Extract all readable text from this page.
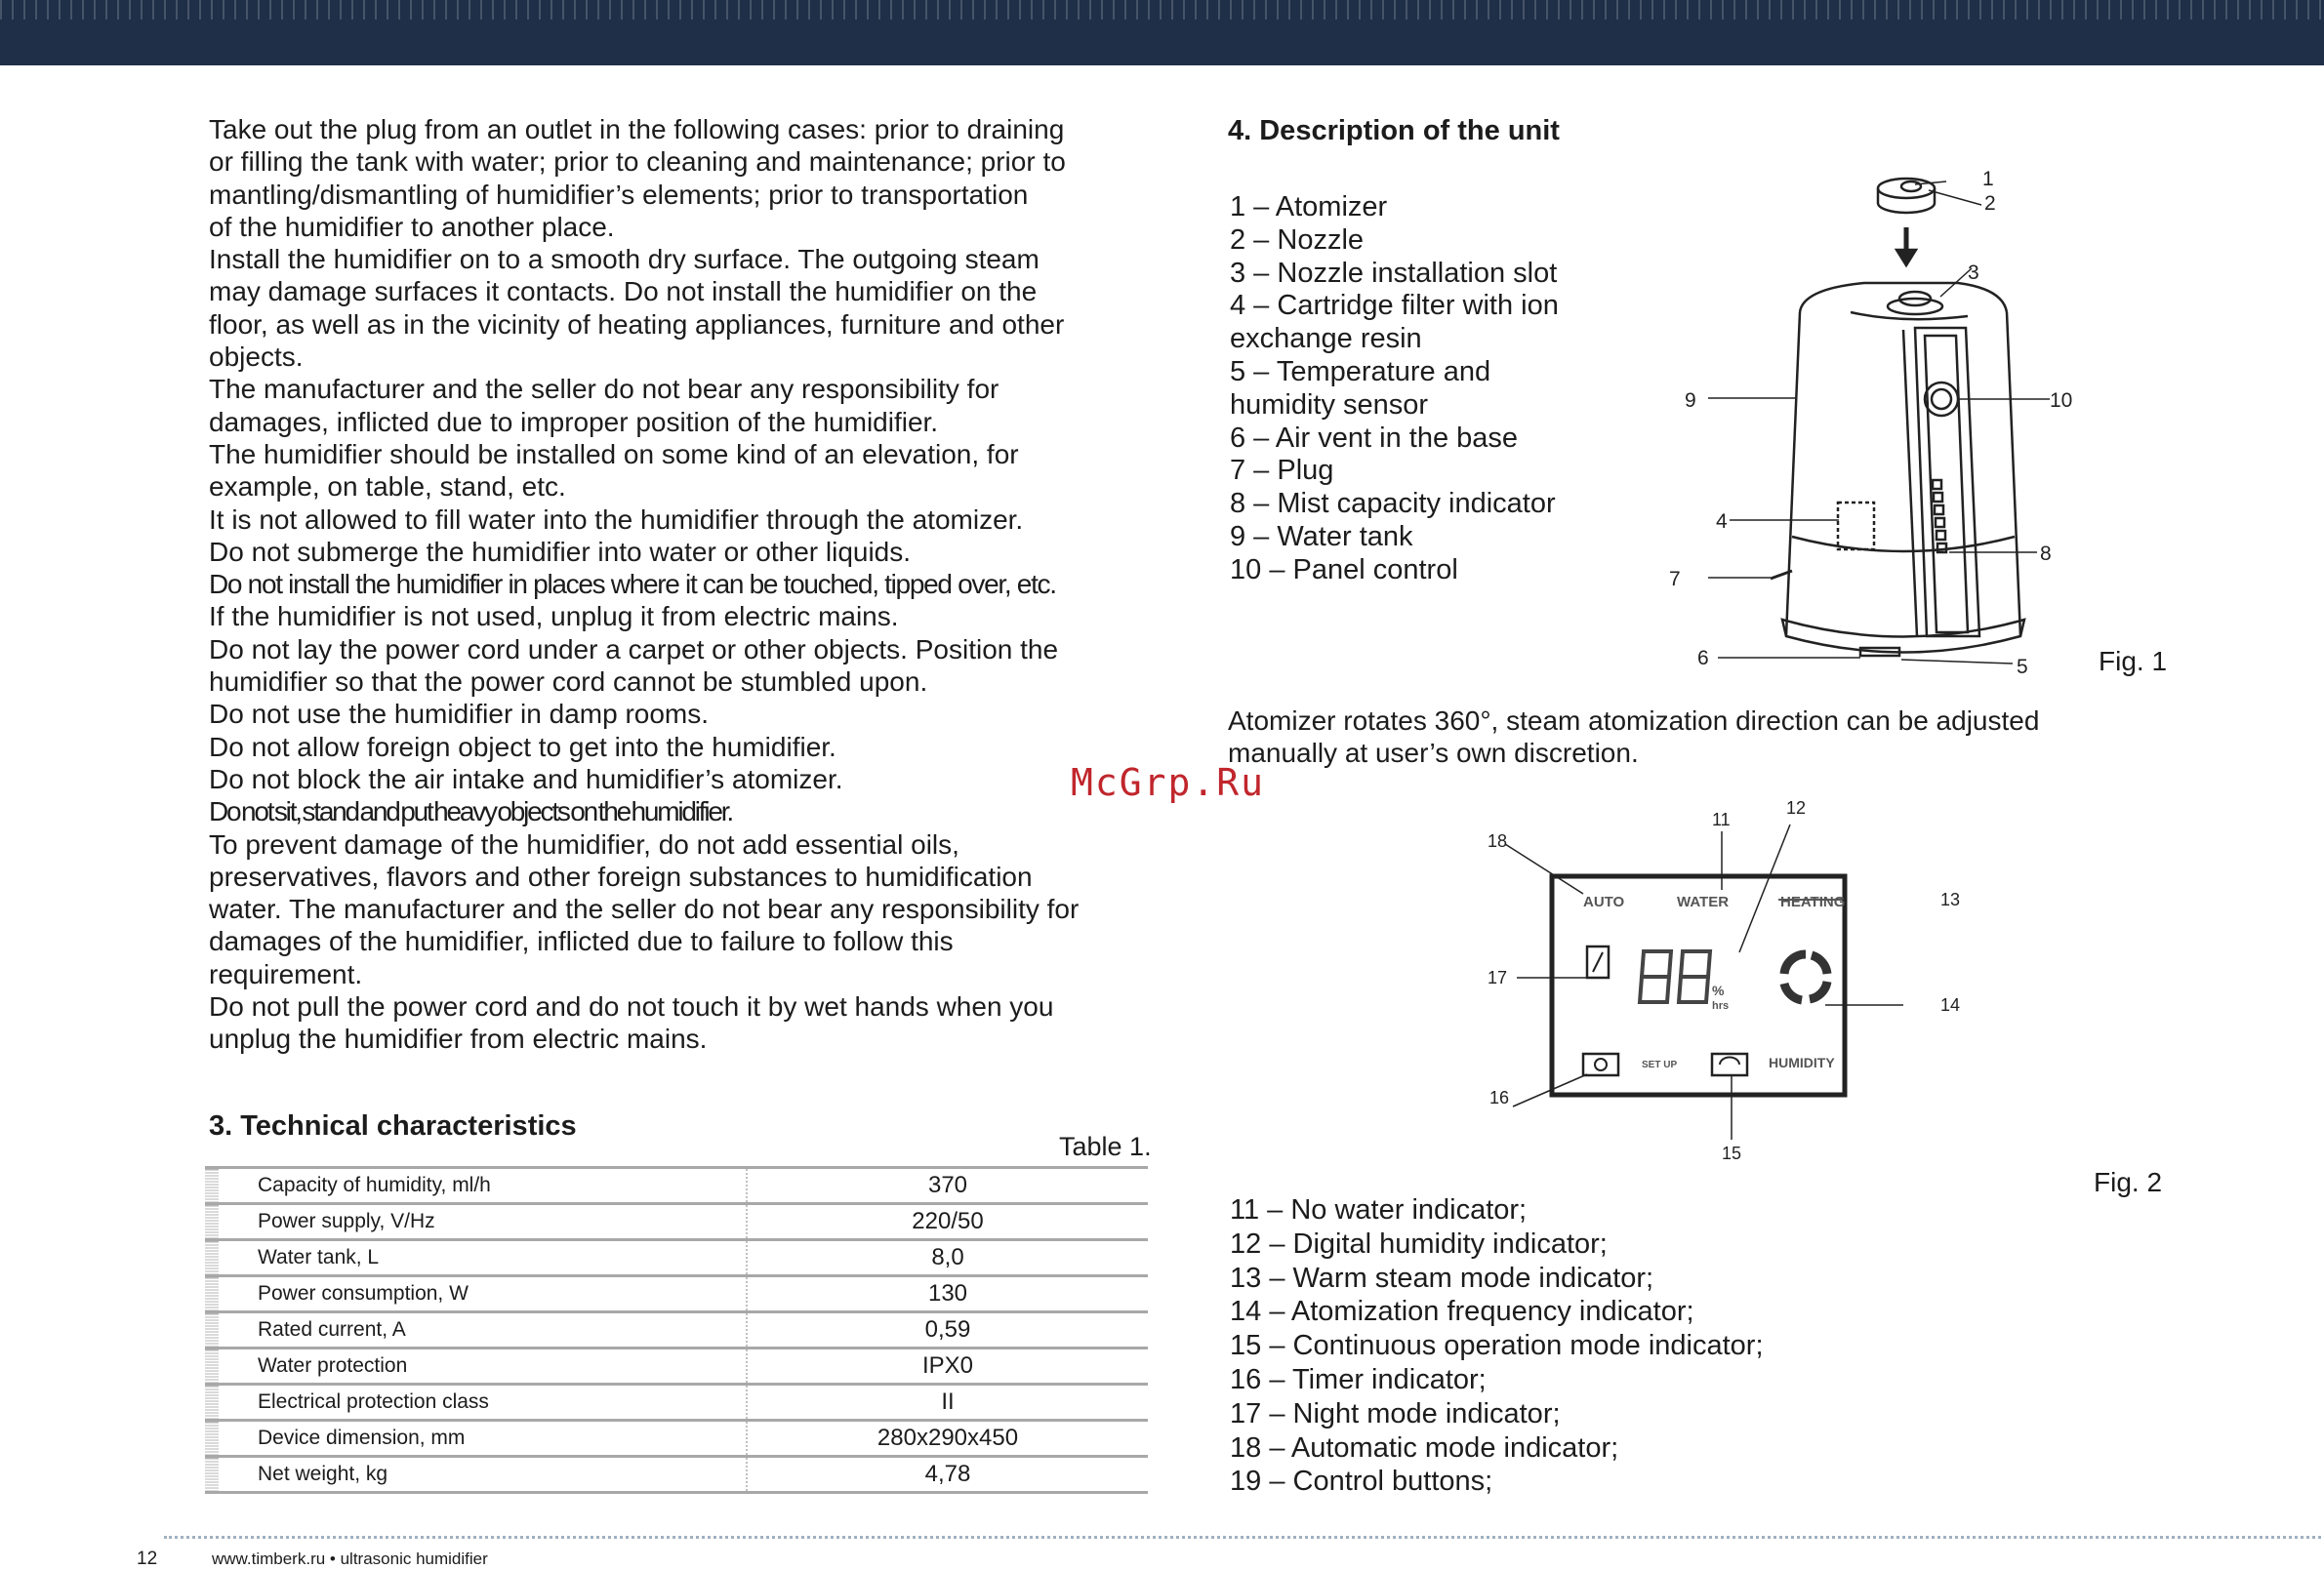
Take out the plug from an outlet in the following cases: prior to draining

or filling the tank with water; prior to cleaning and maintenance; prior to

mantling/dismantling of humidifier’s elements; prior to transportation

of the humidifier to another place.

Install the humidifier on to a smooth dry surface. The outgoing steam

may damage surfaces it contacts. Do not install the humidifier on the

floor, as well as in the vicinity of heating appliances, furniture and other

objects.

The manufacturer and the seller do not bear any responsibility for

damages, inflicted due to improper position of the humidifier.

The humidifier should be installed on some kind of an elevation, for

example, on table, stand, etc.

It is not allowed to fill water into the humidifier through the atomizer.

Do not submerge the humidifier into water or other liquids.

Do not install the humidifier in places where it can be touched, tipped over, etc.

If the humidifier is not used, unplug it from electric mains.

Do not lay the power cord under a carpet or other objects. Position the

humidifier so that the power cord cannot be stumbled upon.

Do not use the humidifier in damp rooms.

Do not allow foreign object to get into the humidifier.

Do not block the air intake and humidifier’s atomizer.

Do not sit, stand and put heavy objects on the humidifier.

To prevent damage of the humidifier, do not add essential oils,

preservatives, flavors and other foreign substances to humidification

water. The manufacturer and the seller do not bear any responsibility for

damages of the humidifier, inflicted due to failure to follow this

requirement.

Do not pull the power cord and do not touch it by wet hands when you

unplug the humidifier from electric mains.

3. Technical characteristics
Table 1.
	Capacity of humidity, ml/h	370
	Power supply, V/Hz	220/50
	Water tank, L	8,0
	Power consumption, W	130
	Rated current, A	0,59
	Water protection	IPX0
	Electrical protection class	II
	Device dimension, mm	280x290x450
	Net weight, kg	4,78
4. Description of the unit
1 – Atomizer
2 – Nozzle
3 – Nozzle installation slot
4 – Cartridge filter with ion
exchange resin
5 – Temperature and
humidity sensor
6 – Air vent in the base
7 – Plug
8 – Mist capacity indicator
9 – Water tank
10 – Panel control
1
2
3
9	10
4
8
7
6	5	Fig. 1

Atomizer rotates 360°, steam atomization direction can be adjusted
manually at user’s own discretion.

McGrp.Ru
AUTO	WATER	HEATING
%
hrs
SET UP	HUMIDITY
11
12
18
13
17
14
16
15
Fig. 2
11 – No water indicator;
12 – Digital humidity indicator;
13 – Warm steam mode indicator;
14 – Atomization frequency indicator;
15 – Continuous operation mode indicator;
16 – Timer indicator;
17 – Night mode indicator;
18 – Automatic mode indicator;
19 – Control buttons;
12	www.timberk.ru • ultrasonic humidifier
